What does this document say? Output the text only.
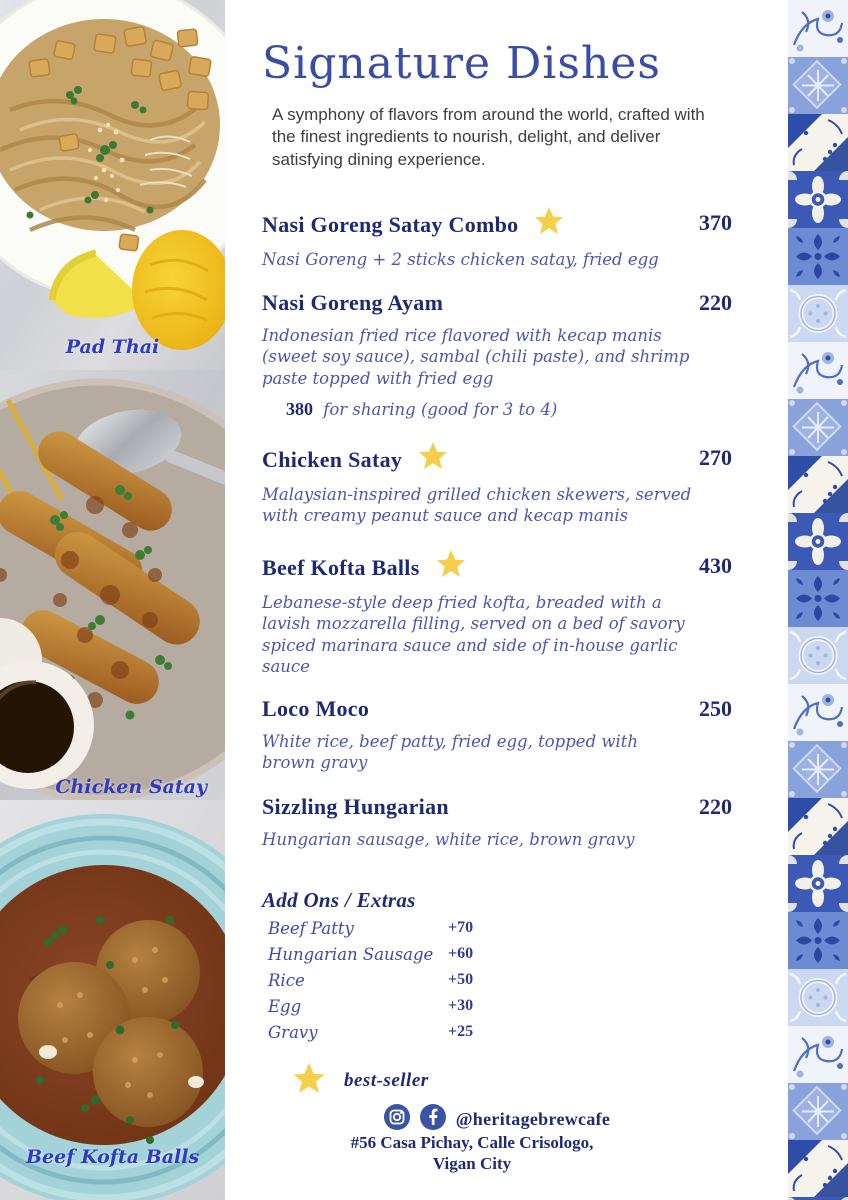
Pad Thai
Chicken Satay
Beef Kofta Balls
Signature Dishes
A symphony of flavors from around the world, crafted with the finest ingredients to nourish, delight, and deliver satisfying dining experience.
Nasi Goreng Satay Combo	370
Nasi Goreng + 2 sticks chicken satay, fried egg
Nasi Goreng Ayam	220
Indonesian fried rice flavored with kecap manis (sweet soy sauce), sambal (chili paste), and shrimp paste topped with fried egg
380 for sharing (good for 3 to 4)
Chicken Satay	270
Malaysian-inspired grilled chicken skewers, served with creamy peanut sauce and kecap manis
Beef Kofta Balls	430
Lebanese-style deep fried kofta, breaded with a lavish mozzarella filling, served on a bed of savory spiced marinara sauce and side of in-house garlic sauce
Loco Moco	250
White rice, beef patty, fried egg, topped with brown gravy
Sizzling Hungarian	220
Hungarian sausage, white rice, brown gravy
Add Ons / Extras
Beef Patty	+70
Hungarian Sausage +60
Rice	+50
Egg	+30
Gravy	+25
best-seller
@heritagebrewcafe
#56 Casa Pichay, Calle Crisologo,
Vigan City
